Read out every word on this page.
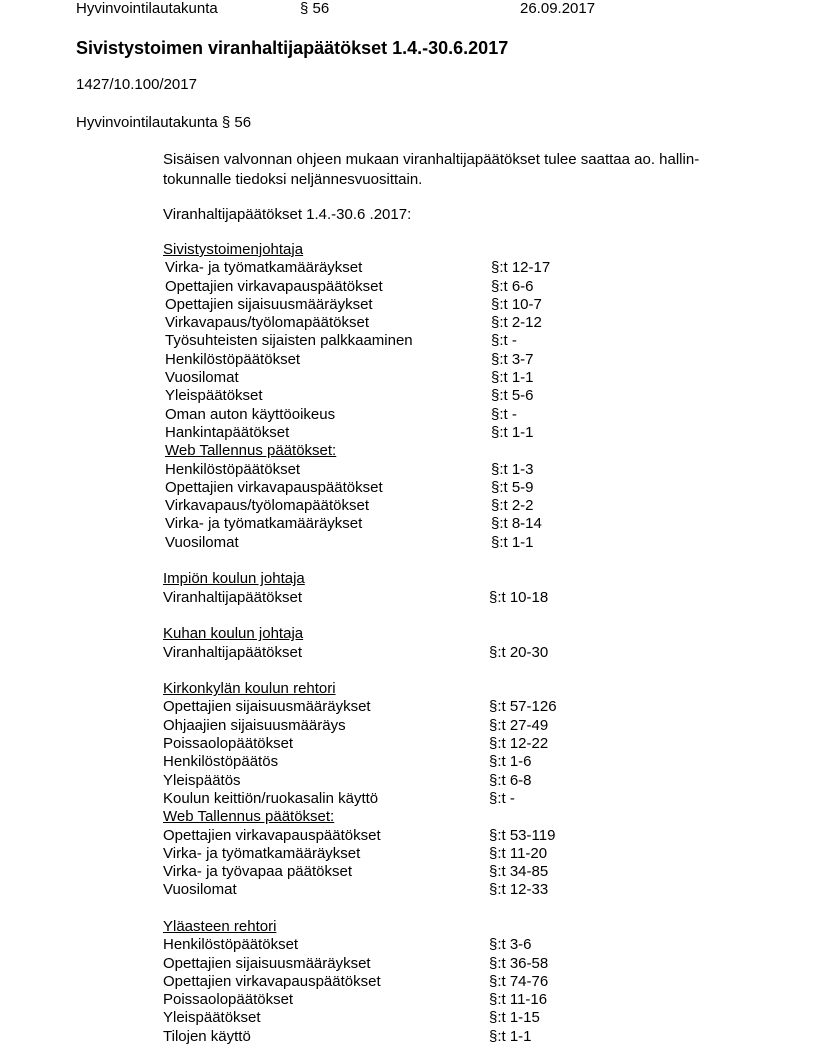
Hyvinvointilautakunta	§ 56	26.09.2017
Sivistystoimen viranhaltijapäätökset 1.4.-30.6.2017
1427/10.100/2017
Hyvinvointilautakunta § 56
Sisäisen valvonnan ohjeen mukaan viranhaltijapäätökset tulee saattaa ao. hallin-tokunnalle tiedoksi neljännesvuosittain.
Viranhaltijapäätökset 1.4.-30.6 .2017:
Sivistystoimenjohtaja
Virka- ja työmatkamääräykset	§:t 12-17
Opettajien virkavapauspäätökset	§:t 6-6
Opettajien sijaisuusmääräykset	§:t 10-7
Virkavapaus/työlomapäätökset	§:t 2-12
Työsuhteisten sijaisten palkkaaminen	§:t -
Henkilöstöpäätökset	§:t 3-7
Vuosilomat	§:t 1-1
Yleispäätökset	§:t 5-6
Oman auton käyttöoikeus	§:t -
Hankintapäätökset	§:t 1-1
Web Tallennus päätökset:
Henkilöstöpäätökset	§:t 1-3
Opettajien virkavapauspäätökset	§:t 5-9
Virkavapaus/työlomapäätökset	§:t 2-2
Virka- ja työmatkamääräykset	§:t 8-14
Vuosilomat	§:t 1-1
Impiön koulun johtaja
Viranhaltijapäätökset	§:t 10-18
Kuhan koulun johtaja
Viranhaltijapäätökset	§:t 20-30
Kirkonkylän koulun rehtori
Opettajien sijaisuusmääräykset	§:t 57-126
Ohjaajien sijaisuusmääräys	§:t 27-49
Poissaolopäätökset	§:t 12-22
Henkilöstöpäätös	§:t 1-6
Yleispäätös	§:t 6-8
Koulun keittiön/ruokasalin käyttö	§:t -
Web Tallennus päätökset:
Opettajien virkavapauspäätökset	§:t 53-119
Virka- ja työmatkamääräykset	§:t 11-20
Virka- ja työvapaa päätökset	§:t 34-85
Vuosilomat	§:t 12-33
Yläasteen rehtori
Henkilöstöpäätökset	§:t 3-6
Opettajien sijaisuusmääräykset	§:t 36-58
Opettajien virkavapauspäätökset	§:t 74-76
Poissaolopäätökset	§:t 11-16
Yleispäätökset	§:t 1-15
Tilojen käyttö	§:t 1-1
